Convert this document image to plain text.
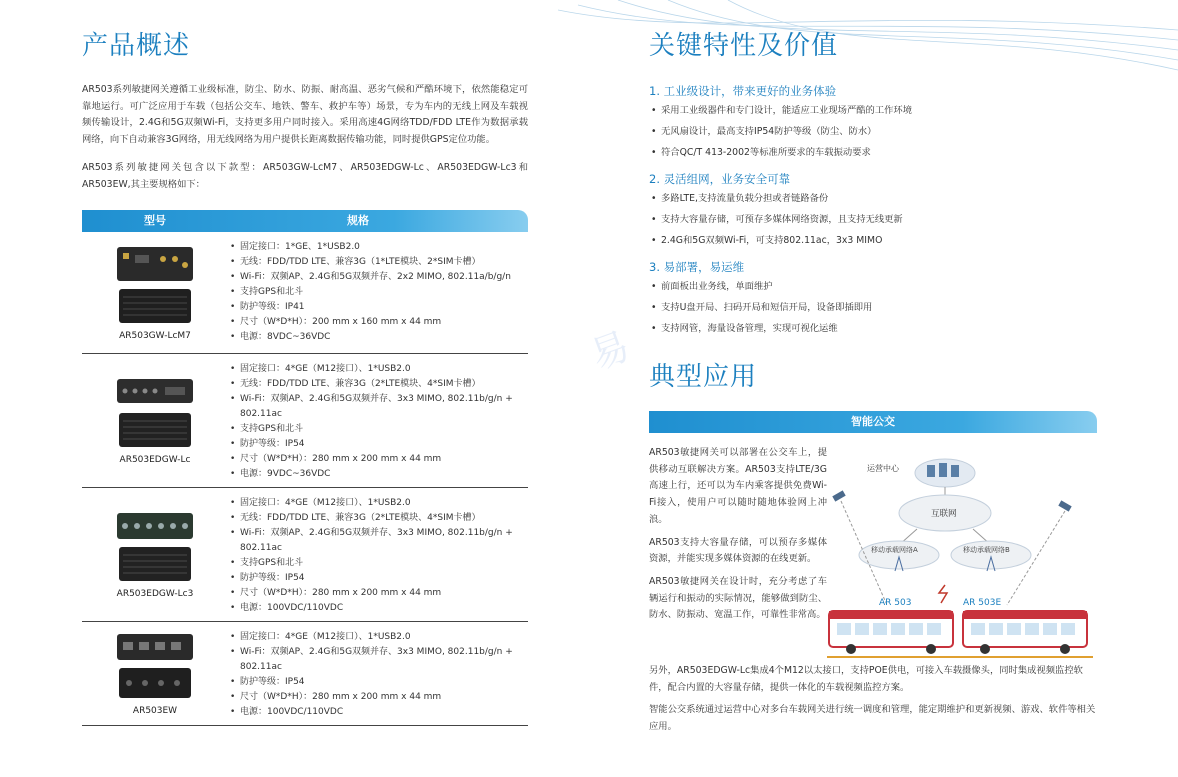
易
产品概述
AR503系列敏捷网关遵循工业级标准，防尘、防水、防振、耐高温、恶劣气候和严酷环境下，依然能稳定可靠地运行。可广泛应用于车载（包括公交车、地铁、警车、救护车等）场景，专为车内的无线上网及车载视频传输设计，2.4G和5G双频Wi-Fi，支持更多用户同时接入。采用高速4G网络TDD/FDD LTE作为数据承载网络，向下自动兼容3G网络，用无线网络为用户提供长距离数据传输功能，同时提供GPS定位功能。
AR503系列敏捷网关包含以下款型：AR503GW-LcM7、AR503EDGW-Lc、AR503EDGW-Lc3和AR503EW,其主要规格如下：
型号	规格
AR503GW-LcM7
• 固定接口：1*GE、1*USB2.0
• 无线：FDD/TDD LTE、兼容3G（1*LTE模块、2*SIM卡槽）
• Wi-Fi：双频AP、2.4G和5G双频并存、2x2 MIMO, 802.11a/b/g/n
• 支持GPS和北斗
• 防护等级：IP41
• 尺寸（W*D*H）：200 mm x 160 mm x 44 mm
• 电源：8VDC~36VDC
AR503EDGW-Lc
• 固定接口：4*GE（M12接口）、1*USB2.0
• 无线：FDD/TDD LTE、兼容3G（2*LTE模块、4*SIM卡槽）
• Wi-Fi：双频AP、2.4G和5G双频并存、3x3 MIMO, 802.11b/g/n + 802.11ac
• 支持GPS和北斗
• 防护等级：IP54
• 尺寸（W*D*H）：280 mm x 200 mm x 44 mm
• 电源：9VDC~36VDC
AR503EDGW-Lc3
• 固定接口：4*GE（M12接口）、1*USB2.0
• 无线：FDD/TDD LTE、兼容3G（2*LTE模块、4*SIM卡槽）
• Wi-Fi：双频AP、2.4G和5G双频并存、3x3 MIMO, 802.11b/g/n + 802.11ac
• 支持GPS和北斗
• 防护等级：IP54
• 尺寸（W*D*H）：280 mm x 200 mm x 44 mm
• 电源：100VDC/110VDC
AR503EW
• 固定接口：4*GE（M12接口）、1*USB2.0
• Wi-Fi：双频AP、2.4G和5G双频并存、3x3 MIMO, 802.11b/g/n + 802.11ac
• 防护等级：IP54
• 尺寸（W*D*H）：280 mm x 200 mm x 44 mm
• 电源：100VDC/110VDC
关键特性及价值
1. 工业级设计，带来更好的业务体验
• 采用工业级器件和专门设计，能适应工业现场严酷的工作环境
• 无风扇设计，最高支持IP54防护等级（防尘、防水）
• 符合QC/T 413-2002等标准所要求的车载振动要求
2. 灵活组网，业务安全可靠
• 多路LTE,支持流量负载分担或者链路备份
• 支持大容量存储，可预存多媒体网络资源，且支持无线更新
• 2.4G和5G双频Wi-Fi，可支持802.11ac，3x3 MIMO
3. 易部署，易运维
• 前面板出业务线，单面维护
• 支持U盘开局、扫码开局和短信开局，设备即插即用
• 支持网管，海量设备管理，实现可视化运维
典型应用
智能公交

AR503敏捷网关可以部署在公交车上，提供移动互联解决方案。AR503支持LTE/3G高速上行，还可以为车内乘客提供免费Wi-Fi接入，使用户可以随时随地体验网上冲浪。

AR503支持大容量存储，可以预存多媒体资源，并能实现多媒体资源的在线更新。

AR503敏捷网关在设计时，充分考虑了车辆运行和振动的实际情况，能够做到防尘、防水、防振动、宽温工作，可靠性非常高。

运营中心
互联网
移动承载网络A	移动承载网络B
AR 503	AR 503E

另外，AR503EDGW-Lc集成4个M12以太接口，支持POE供电，可接入车载摄像头，同时集成视频监控软件，配合内置的大容量存储，提供一体化的车载视频监控方案。

智能公交系统通过运营中心对多台车载网关进行统一调度和管理，能定期维护和更新视频、游戏、软件等相关应用。
